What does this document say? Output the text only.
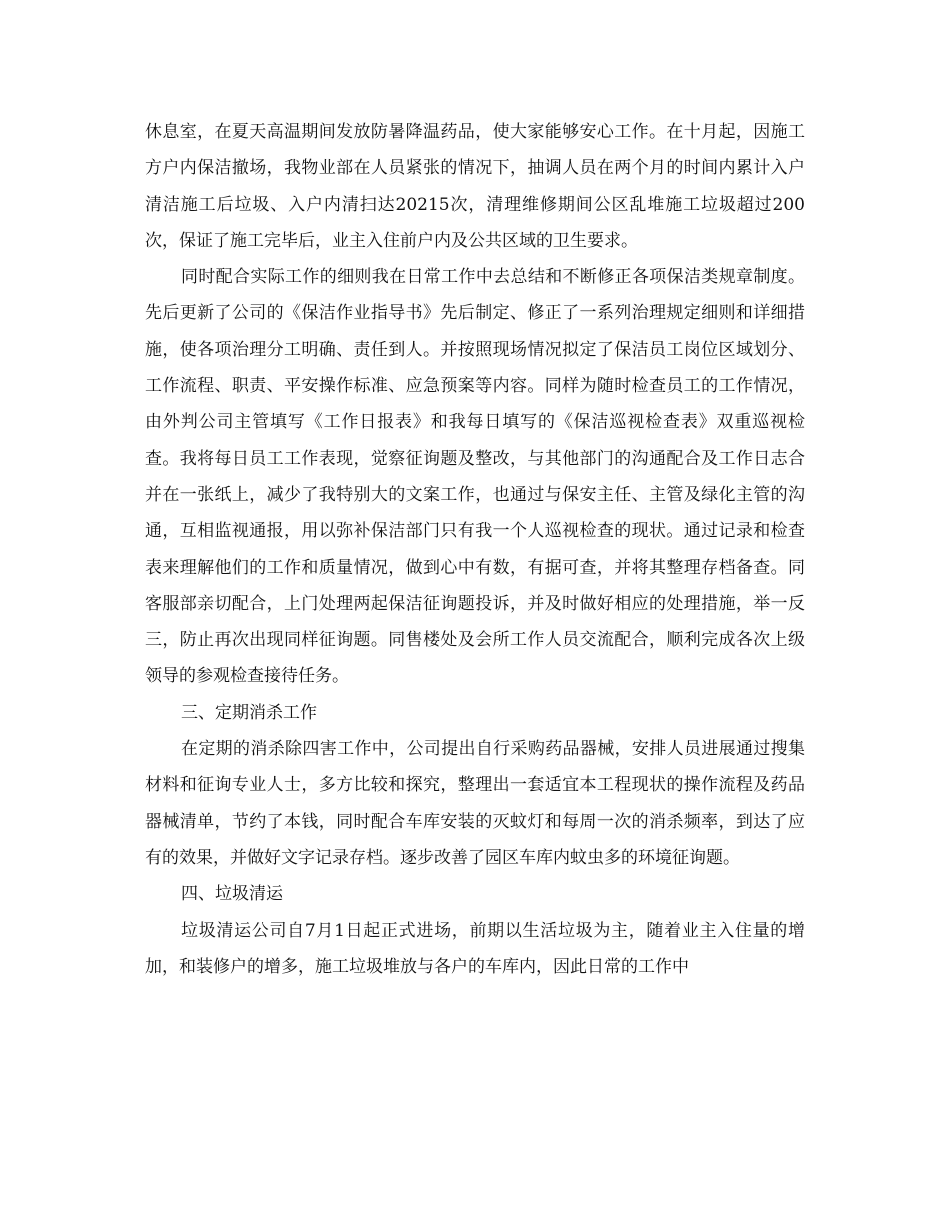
休息室，在夏天高温期间发放防暑降温药品，使大家能够安心工作。在十月起，因施工方户内保洁撤场，我物业部在人员紧张的情况下，抽调人员在两个月的时间内累计入户清洁施工后垃圾、入户内清扫达20215次，清理维修期间公区乱堆施工垃圾超过200次，保证了施工完毕后，业主入住前户内及公共区域的卫生要求。

同时配合实际工作的细则我在日常工作中去总结和不断修正各项保洁类规章制度。先后更新了公司的《保洁作业指导书》先后制定、修正了一系列治理规定细则和详细措施，使各项治理分工明确、责任到人。并按照现场情况拟定了保洁员工岗位区域划分、工作流程、职责、平安操作标准、应急预案等内容。同样为随时检查员工的工作情况，由外判公司主管填写《工作日报表》和我每日填写的《保洁巡视检查表》双重巡视检查。我将每日员工工作表现，觉察征询题及整改，与其他部门的沟通配合及工作日志合并在一张纸上，减少了我特别大的文案工作，也通过与保安主任、主管及绿化主管的沟通，互相监视通报，用以弥补保洁部门只有我一个人巡视检查的现状。通过记录和检查表来理解他们的工作和质量情况，做到心中有数，有据可查，并将其整理存档备查。同客服部亲切配合，上门处理两起保洁征询题投诉，并及时做好相应的处理措施，举一反三，防止再次出现同样征询题。同售楼处及会所工作人员交流配合，顺利完成各次上级领导的参观检查接待任务。

三、定期消杀工作

在定期的消杀除四害工作中，公司提出自行采购药品器械，安排人员进展通过搜集材料和征询专业人士，多方比较和探究，整理出一套适宜本工程现状的操作流程及药品器械清单，节约了本钱，同时配合车库安装的灭蚊灯和每周一次的消杀频率，到达了应有的效果，并做好文字记录存档。逐步改善了园区车库内蚊虫多的环境征询题。

四、垃圾清运

垃圾清运公司自7月1日起正式进场，前期以生活垃圾为主，随着业主入住量的增加，和装修户的增多，施工垃圾堆放与各户的车库内，因此日常的工作中
